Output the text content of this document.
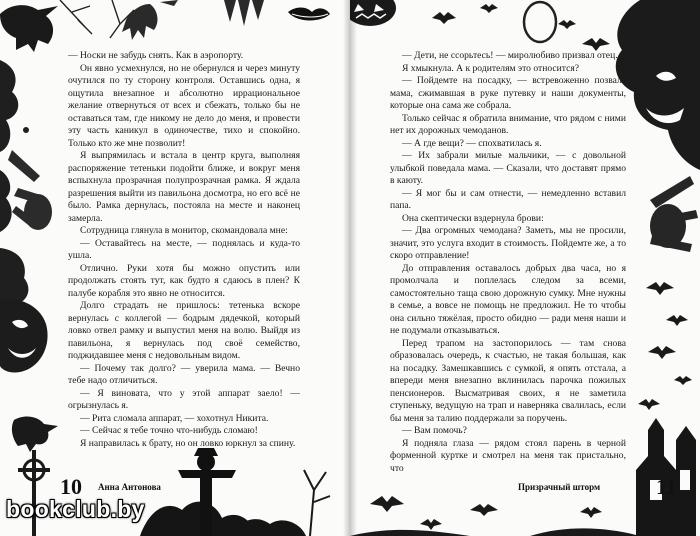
— Носки не забудь снять. Как в аэропорту.

Он явно усмехнулся, но не обернулся и через минуту очутился по ту сторону контроля. Оставшись одна, я ощутила внезапное и абсолютно иррациональное желание отвернуться от всех и сбежать, только бы не оставаться там, где никому не дело до меня, и провести эту часть каникул в одиночестве, тихо и спокойно. Только кто же мне позволит!

Я выпрямилась и встала в центр круга, выполняя распоряжение тетеньки подойти ближе, и вокруг меня вспыхнула прозрачная полупрозрачная рамка. Я ждала разрешения выйти из павильона досмотра, но его всё не было. Рамка дернулась, постояла на месте и наконец замерла.

Сотрудница глянула в монитор, скомандовала мне:

— Оставайтесь на месте, — поднялась и куда-то ушла.

Отлично. Руки хотя бы можно опустить или продолжать стоять тут, как будто я сдаюсь в плен? К палубе корабля это явно не относится.

Долго страдать не пришлось: тетенька вскоре вернулась с коллегой — бодрым дядечкой, который ловко отвел рамку и выпустил меня на волю. Выйдя из павильона, я вернулась под своё семейство, поджидавшее меня с недовольным видом.

— Почему так долго? — уверила мама. — Вечно тебе надо отличиться.

— Я виновата, что у этой аппарат заело! — огрызнулась я.

— Рита сломала аппарат, — хохотнул Никита.

— Сейчас я тебе точно что-нибудь сломаю!

Я направилась к брату, но он ловко юркнул за спину.

10 Анна Антонова

— Дети, не ссорьтесь! — миролюбиво призвал отец.

Я хмыкнула. А к родителям это относится?

— Пойдемте на посадку, — встревоженно позвала мама, сжимавшая в руке путевку и наши документы, которые она сама же собрала.

Только сейчас я обратила внимание, что рядом с ними нет их дорожных чемоданов.

— А где вещи? — спохватилась я.

— Их забрали милые мальчики, — с довольной улыбкой поведала мама. — Сказали, что доставят прямо в каюту.

— Я мог бы и сам отнести, — немедленно вставил папа.

Она скептически вздернула брови:

— Два огромных чемодана? Заметь, мы не просили, значит, это услуга входит в стоимость. Пойдемте же, а то скоро отправление!

До отправления оставалось добрых два часа, но я промолчала и поплелась следом за всеми, самостоятельно таща свою дорожную сумку. Мне нужны в семье, а вовсе не помощь не предложил. Не то чтобы она сильно тяжёлая, просто обидно — ради меня наши и не подумали отказываться.

Перед трапом на застопорилось — там снова образовалась очередь, к счастью, не такая большая, как на посадку. Замешкавшись с сумкой, я опять отстала, а впереди меня внезапно вклинилась парочка пожилых пенсионеров. Высматривая своих, я не заметила ступеньку, ведущую на трап и наверняка свалилась, если бы меня за талию поддержали за поручень.

— Вам помочь?

Я подняла глаза — рядом стоял парень в черной форменной куртке и смотрел на меня так пристально, что

Призрачный шторм	11
bookclub.by
